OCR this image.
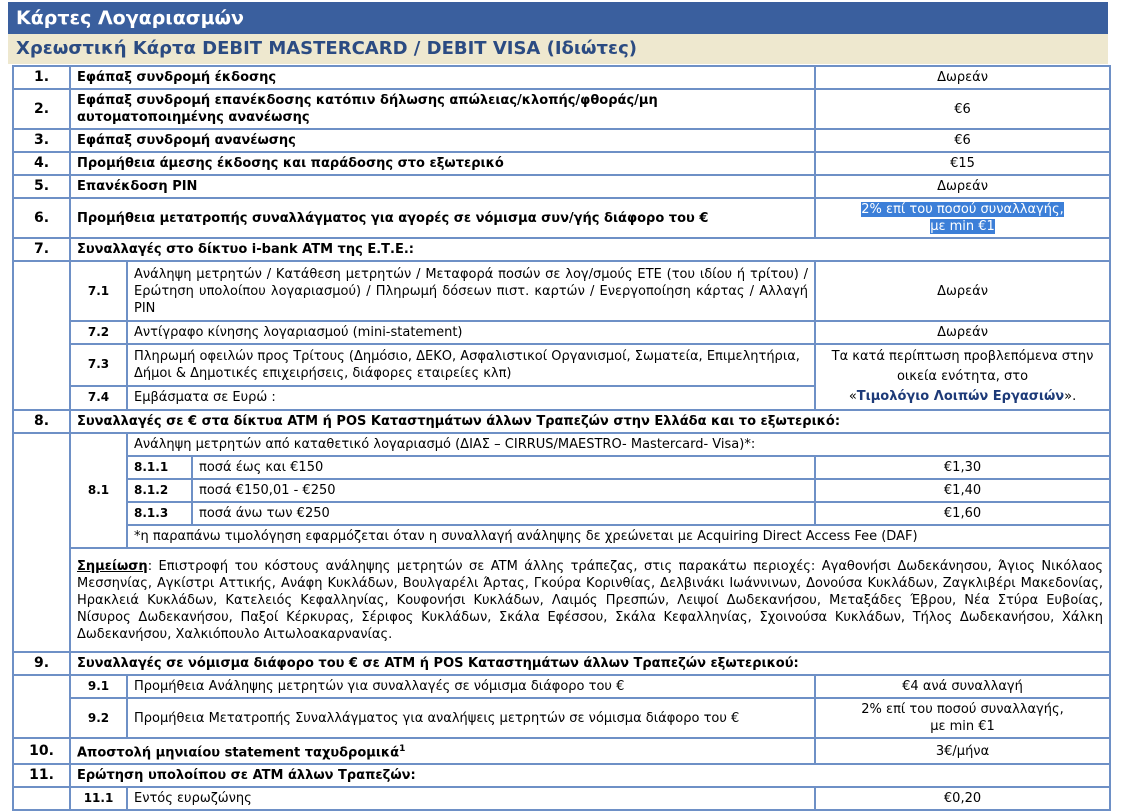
Κάρτες Λογαριασμών
Χρεωστική Κάρτα DEBIT MASTERCARD / DEBIT VISA (Ιδιώτες)
1.	Εφάπαξ συνδρομή έκδοσης			Δωρεάν
2.	Εφάπαξ συνδρομή επανέκδοσης κατόπιν δήλωσης απώλειας/κλοπής/φθοράς/μη αυτοματοποιημένης ανανέωσης			€6
3.	Εφάπαξ συνδρομή ανανέωσης			€6
4.	Προμήθεια άμεσης έκδοσης και παράδοσης στο εξωτερικό			€15
5.	Επανέκδοση PIN			Δωρεάν
6.	Προμήθεια μετατροπής συναλλάγματος για αγορές σε νόμισμα συν/γής διάφορο του €			2% επί του ποσού συναλλαγής,
με min €1
7.	Συναλλαγές στο δίκτυο i-bank ATM της Ε.Τ.Ε.:			
	7.1	Ανάληψη μετρητών / Κατάθεση μετρητών / Μεταφορά ποσών σε λογ/σμούς ΕΤΕ (του ιδίου ή τρίτου) / Ερώτηση υπολοίπου λογαριασμού) / Πληρωμή δόσεων πιστ. καρτών / Ενεργοποίηση κάρτας / Αλλαγή PIN		Δωρεάν
	7.2	Αντίγραφο κίνησης λογαριασμού (mini-statement)		Δωρεάν
	7.3	Πληρωμή οφειλών προς Τρίτους (Δημόσιο, ΔΕΚΟ, Ασφαλιστικοί Οργανισμοί, Σωματεία, Επιμελητήρια, Δήμοι & Δημοτικές επιχειρήσεις, διάφορες εταιρείες κλπ)		Τα κατά περίπτωση προβλεπόμενα στην
οικεία ενότητα, στο
«Τιμολόγιο Λοιπών Εργασιών».
	7.4	Εμβάσματα σε Ευρώ :		
8.	Συναλλαγές σε € στα δίκτυα ATM ή POS Καταστημάτων άλλων Τραπεζών στην Ελλάδα και το εξωτερικό:			
	8.1	Ανάληψη μετρητών από καταθετικό λογαριασμό (ΔΙΑΣ – CIRRUS/MAESTRO- Mastercard- Visa)*:		
		8.1.1	ποσά έως και €150	€1,30
		8.1.2	ποσά €150,01 - €250	€1,40
		8.1.3	ποσά άνω των €250	€1,60
		*η παραπάνω τιμολόγηση εφαρμόζεται όταν η συναλλαγή ανάληψης δε χρεώνεται με Acquiring Direct Access Fee (DAF)		
	Σημείωση: Επιστροφή του κόστους ανάληψης μετρητών σε ATM άλλης τράπεζας, στις παρακάτω περιοχές: Αγαθονήσι Δωδεκάνησου, Άγιος Νικόλαος Μεσσηνίας, Αγκίστρι Αττικής, Ανάφη Κυκλάδων, Βουλγαρέλι Άρτας, Γκούρα Κορινθίας, Δελβινάκι Ιωάννινων, Δονούσα Κυκλάδων, Ζαγκλιβέρι Μακεδονίας, Ηρακλειά Κυκλάδων, Κατελειός Κεφαλληνίας, Κουφονήσι Κυκλάδων, Λαιμός Πρεσπών, Λειψοί Δωδεκανήσου, Μεταξάδες Έβρου, Νέα Στύρα Ευβοίας, Νίσυρος Δωδεκανήσου, Παξοί Κέρκυρας, Σέριφος Κυκλάδων, Σκάλα Εφέσσου, Σκάλα Κεφαλληνίας, Σχοινούσα Κυκλάδων, Τήλος Δωδεκανήσου, Χάλκη Δωδεκανήσου, Χαλκιόπουλο Αιτωλοακαρνανίας.			
9.	Συναλλαγές σε νόμισμα διάφορο του € σε ATM ή POS Καταστημάτων άλλων Τραπεζών εξωτερικού:			
	9.1	Προμήθεια Ανάληψης μετρητών για συναλλαγές σε νόμισμα διάφορο του €		€4 ανά συναλλαγή
	9.2	Προμήθεια Μετατροπής Συναλλάγματος για αναλήψεις μετρητών σε νόμισμα διάφορο του €		2% επί του ποσού συναλλαγής,
με min €1
10.	Αποστολή μηνιαίου statement ταχυδρομικά$^1$			3€/μήνα
11.	Ερώτηση υπολοίπου σε ATM άλλων Τραπεζών:			
	11.1	Εντός ευρωζώνης		€0,20
